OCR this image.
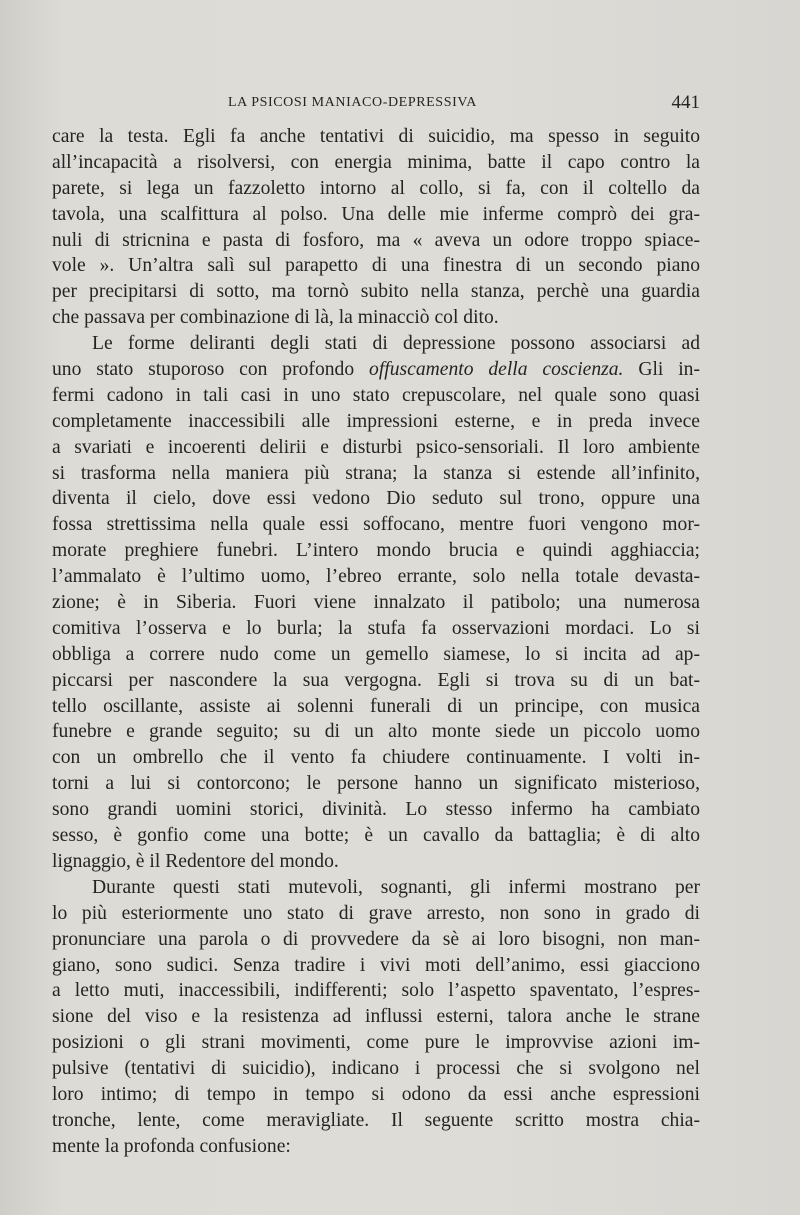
LA PSICOSI MANIACO-DEPRESSIVA	441
care la testa. Egli fa anche tentativi di suicidio, ma spesso in seguito
all’incapacità a risolversi, con energia minima, batte il capo contro la
parete, si lega un fazzoletto intorno al collo, si fa, con il coltello da
tavola, una scalfittura al polso. Una delle mie inferme comprò dei gra-
nuli di stricnina e pasta di fosforo, ma « aveva un odore troppo spiace-
vole ». Un’altra salì sul parapetto di una finestra di un secondo piano
per precipitarsi di sotto, ma tornò subito nella stanza, perchè una guardia
che passava per combinazione di là, la minacciò col dito.
Le forme deliranti degli stati di depressione possono associarsi ad
uno stato stuporoso con profondo offuscamento della coscienza. Gli in-
fermi cadono in tali casi in uno stato crepuscolare, nel quale sono quasi
completamente inaccessibili alle impressioni esterne, e in preda invece
a svariati e incoerenti delirii e disturbi psico-sensoriali. Il loro ambiente
si trasforma nella maniera più strana; la stanza si estende all’infinito,
diventa il cielo, dove essi vedono Dio seduto sul trono, oppure una
fossa strettissima nella quale essi soffocano, mentre fuori vengono mor-
morate preghiere funebri. L’intero mondo brucia e quindi agghiaccia;
l’ammalato è l’ultimo uomo, l’ebreo errante, solo nella totale devasta-
zione; è in Siberia. Fuori viene innalzato il patibolo; una numerosa
comitiva l’osserva e lo burla; la stufa fa osservazioni mordaci. Lo si
obbliga a correre nudo come un gemello siamese, lo si incita ad ap-
piccarsi per nascondere la sua vergogna. Egli si trova su di un bat-
tello oscillante, assiste ai solenni funerali di un principe, con musica
funebre e grande seguito; su di un alto monte siede un piccolo uomo
con un ombrello che il vento fa chiudere continuamente. I volti in-
torni a lui si contorcono; le persone hanno un significato misterioso,
sono grandi uomini storici, divinità. Lo stesso infermo ha cambiato
sesso, è gonfio come una botte; è un cavallo da battaglia; è di alto
lignaggio, è il Redentore del mondo.
Durante questi stati mutevoli, sognanti, gli infermi mostrano per
lo più esteriormente uno stato di grave arresto, non sono in grado di
pronunciare una parola o di provvedere da sè ai loro bisogni, non man-
giano, sono sudici. Senza tradire i vivi moti dell’animo, essi giacciono
a letto muti, inaccessibili, indifferenti; solo l’aspetto spaventato, l’espres-
sione del viso e la resistenza ad influssi esterni, talora anche le strane
posizioni o gli strani movimenti, come pure le improvvise azioni im-
pulsive (tentativi di suicidio), indicano i processi che si svolgono nel
loro intimo; di tempo in tempo si odono da essi anche espressioni
tronche, lente, come meravigliate. Il seguente scritto mostra chia-
mente la profonda confusione:
